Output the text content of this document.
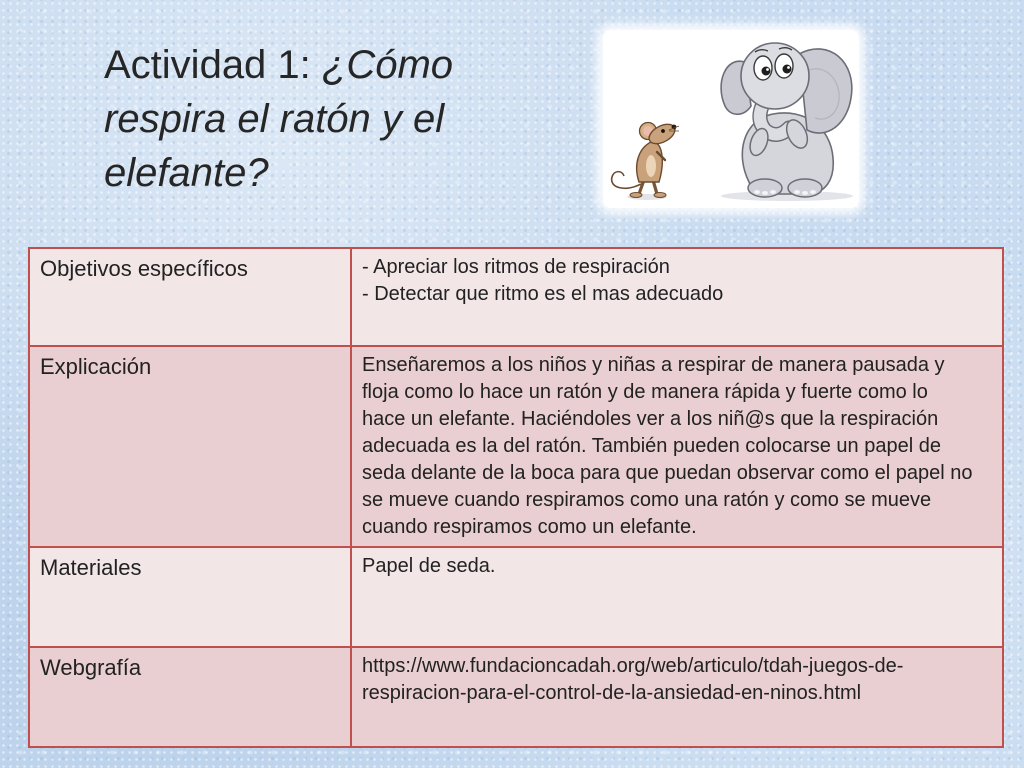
Actividad 1: ¿Cómo respira el ratón y el elefante?
Objetivos específicos	- Apreciar los ritmos de respiración
- Detectar que ritmo es el mas adecuado
Explicación	Enseñaremos a los niños y niñas a respirar de manera pausada y
floja como lo hace un ratón y de manera rápida y fuerte como lo
hace un elefante. Haciéndoles ver a los niñ@s que la respiración
adecuada es la del ratón. También pueden colocarse un papel de
seda delante de la boca para que puedan observar como el papel no
se mueve cuando respiramos como una ratón y como se mueve
cuando respiramos como un elefante.
Materiales	Papel de seda.
Webgrafía	https://www.fundacioncadah.org/web/articulo/tdah-juegos-de-
respiracion-para-el-control-de-la-ansiedad-en-ninos.html
